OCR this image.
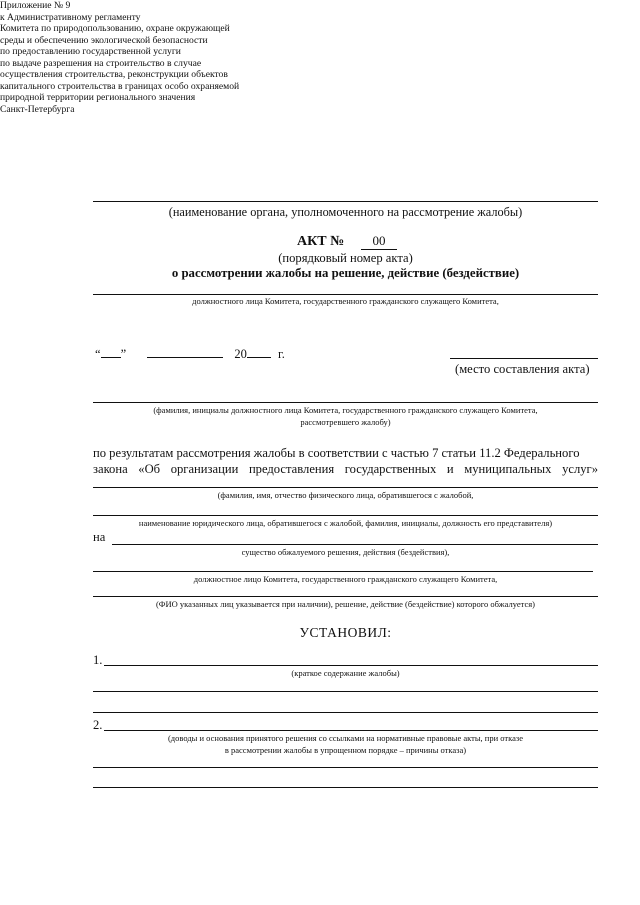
Приложение № 9
к Административному регламенту
Комитета по природопользованию, охране окружающей
среды и обеспечению экологической безопасности
по предоставлению государственной услуги
по выдаче разрешения на строительство в случае
осуществления строительства, реконструкции объектов
капитального строительства в границах особо охраняемой
природной территории регионального значения
Санкт-Петербурга
(наименование органа, уполномоченного на рассмотрение жалобы)
АКТ №	00
(порядковый номер акта)
о рассмотрении жалобы на решение, действие (бездействие)
должностного лица Комитета, государственного гражданского служащего Комитета,
“ ”	20 г.
(место составления акта)
(фамилия, инициалы должностного лица Комитета, государственного гражданского служащего Комитета,
рассмотревшего жалобу)
по результатам рассмотрения жалобы в соответствии с частью 7 статьи 11.2 Федерального
закона «Об организации предоставления государственных и муниципальных услуг»
(фамилия, имя, отчество физического лица, обратившегося с жалобой,
наименование юридического лица, обратившегося с жалобой, фамилия, инициалы, должность его представителя)
на
существо обжалуемого решения, действия (бездействия),
должностное лицо Комитета, государственного гражданского служащего Комитета,
(ФИО указанных лиц указывается при наличии), решение, действие (бездействие) которого обжалуется)
УСТАНОВИЛ:
1.
(краткое содержание жалобы)
2.
(доводы и основания принятого решения со ссылками на нормативные правовые акты, при отказе
в рассмотрении жалобы в упрощенном порядке – причины отказа)
